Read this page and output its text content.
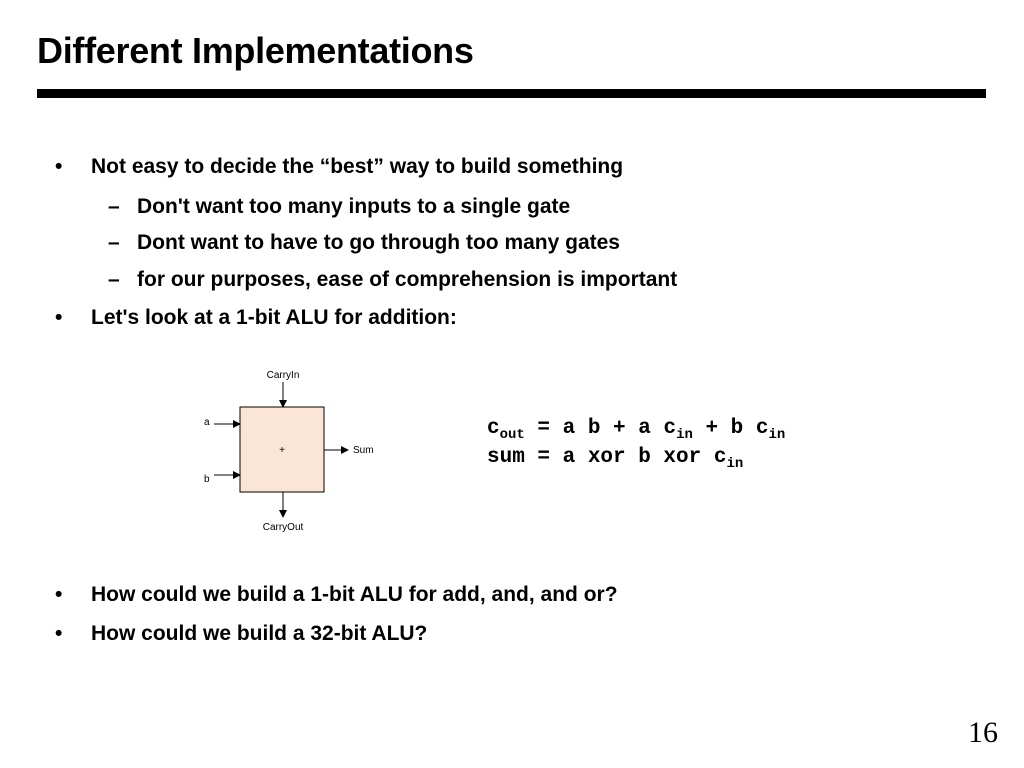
Different Implementations
• Not easy to decide the “best” way to build something
– Don't want too many inputs to a single gate
– Dont want to have to go through too many gates
– for our purposes, ease of comprehension is important
• Let's look at a 1-bit ALU for addition:
CarryIn
+
a
b
Sum
CarryOut
$c_{out} = a$ b + a $c_{in} + b$ $c_{in}$
sum = a xor b xor $c_{in}$
• How could we build a 1-bit ALU for add, and, and or?
• How could we build a 32-bit ALU?
16
